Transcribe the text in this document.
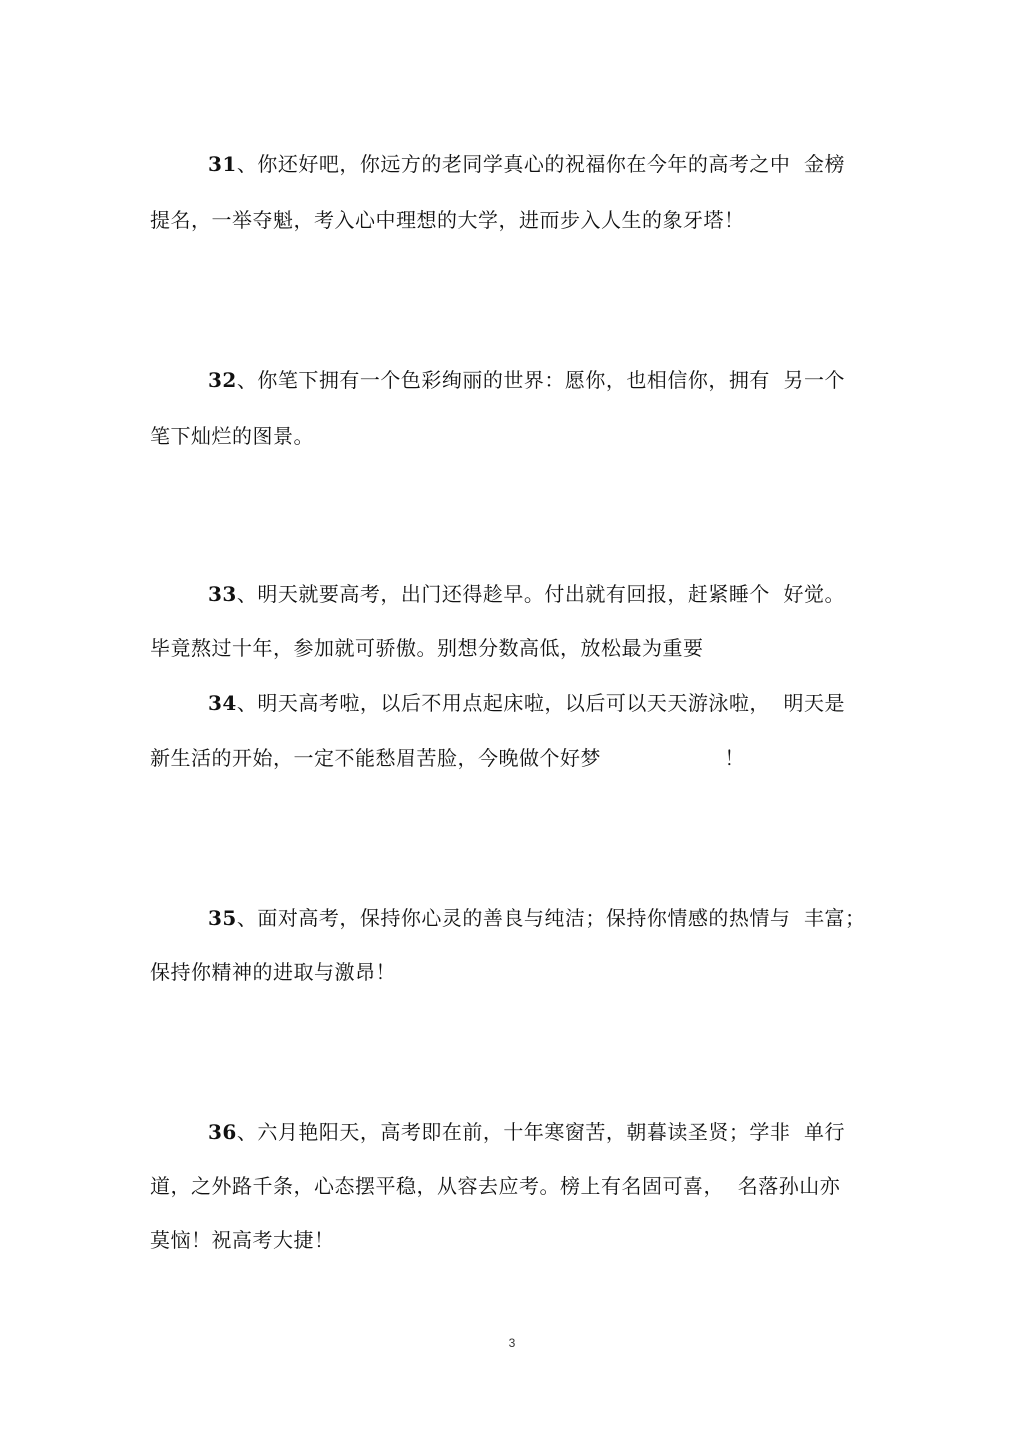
31、你还好吧，你远方的老同学真心的祝福你在今年的高考之中  金榜
提名，一举夺魁，考入心中理想的大学，进而步入人生的象牙塔！
32、你笔下拥有一个色彩绚丽的世界：愿你，也相信你，拥有  另一个
笔下灿烂的图景。
33、明天就要高考，出门还得趁早。付出就有回报，赶紧睡个  好觉。
毕竟熬过十年，参加就可骄傲。别想分数高低，放松最为重要
34、明天高考啦，以后不用点起床啦，以后可以天天游泳啦，  明天是
新生活的开始，一定不能愁眉苦脸，今晚做个好梦                  ！
35、面对高考，保持你心灵的善良与纯洁；保持你情感的热情与  丰富；
保持你精神的进取与激昂！
36、六月艳阳天，高考即在前，十年寒窗苦，朝暮读圣贤；学非  单行
道，之外路千条，心态摆平稳，从容去应考。榜上有名固可喜，  名落孙山亦
莫恼！祝高考大捷！
3
